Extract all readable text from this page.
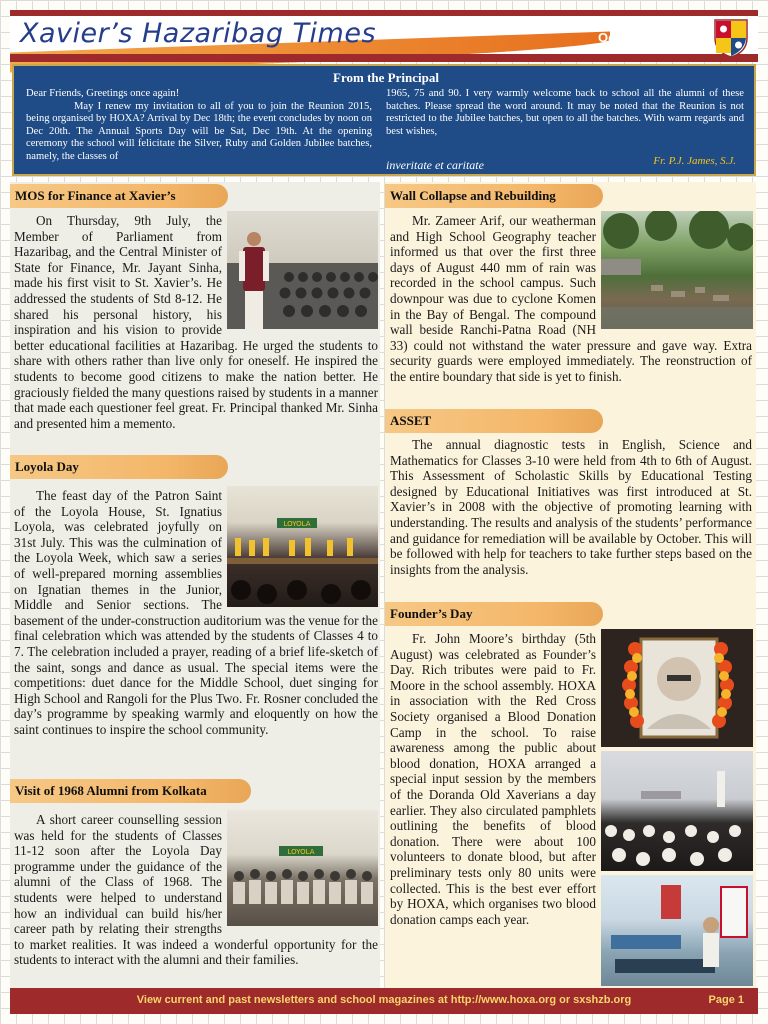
Xavier’s Hazaribag Times	October 2015
From the Principal

Dear Friends, Greetings once again!

May I renew my invitation to all of you to join the Reunion 2015, being organised by HOXA? Arrival by Dec 18th; the event concludes by noon on Dec 20th. The Annual Sports Day will be Sat, Dec 19th. At the opening ceremony the school will felicitate the Silver, Ruby and Golden Jubilee batches, namely, the classes of

1965, 75 and 90. I very warmly welcome back to school all the alumni of these batches. Please spread the word around. It may be noted that the Reunion is not restricted to the Jubilee batches, but open to all the batches. With warm regards and best wishes,

inveritate et caritate	Fr. P.J. James, S.J.
MOS for Finance at Xavier’s

On Thursday, 9th July, the Member of Parliament from Hazaribag, and the Central Minister of State for Finance, Mr. Jayant Sinha, made his first visit to St. Xavier’s. He addressed the students of Std 8-12. He shared his personal history, his inspiration and his vision to provide better educational facilities at Hazaribag. He urged the students to share with others rather than live only for oneself. He inspired the students to become good citizens to make the nation better. He graciously fielded the many questions raised by students in a manner that made each questioner feel great. Fr. Principal thanked Mr. Sinha and presented him a memento.

Loyola Day
LOYOLA

The feast day of the Patron Saint of the Loyola House, St. Ignatius Loyola, was celebrated joyfully on 31st July. This was the culmination of the Loyola Week, which saw a series of well-prepared morning assemblies on Ignatian themes in the Junior, Middle and Senior sections. The basement of the under-construction auditorium was the venue for the final celebration which was attended by the students of Classes 4 to 7. The celebration included a prayer, reading of a brief life-sketch of the saint, songs and dance as usual. The special items were the competitions: duet dance for the Middle School, duet singing for High School and Rangoli for the Plus Two. Fr. Rosner concluded the day’s programme by speaking warmly and eloquently on how the saint continues to inspire the school community.

Visit of 1968 Alumni from Kolkata
LOYOLA

A short career counselling session was held for the students of Classes 11-12 soon after the Loyola Day programme under the guidance of the alumni of the Class of 1968. The students were helped to understand how an individual can build his/her career path by relating their strengths to market realities. It was indeed a wonderful opportunity for the students to interact with the alumni and their families.

Wall Collapse and Rebuilding

Mr. Zameer Arif, our weatherman and High School Geography teacher informed us that over the first three days of August 440 mm of rain was recorded in the school campus. Such downpour was due to cyclone Komen in the Bay of Bengal. The compound wall beside Ranchi-Patna Road (NH 33) could not withstand the water pressure and gave way. Extra security guards were employed immediately. The reonstruction of the entire boundary that side is yet to finish.

ASSET

The annual diagnostic tests in English, Science and Mathematics for Classes 3-10 were held from 4th to 6th of August. This Assessment of Scholastic Skills by Educational Testing designed by Educational Initiatives was first introduced at St. Xavier’s in 2008 with the objective of promoting learning with understanding. The results and analysis of the students’ performance and guidance for remediation will be available by October. This will be followed with help for teachers to take further steps based on the insights from the analysis.

Founder’s Day

Fr. John Moore’s birthday (5th August) was celebrated as Founder’s Day. Rich tributes were paid to Fr. Moore in the school assembly. HOXA in association with the Red Cross Society organised a Blood Donation Camp in the school. To raise awareness among the public about blood donation, HOXA arranged a special input session by the members of the Doranda Old Xaverians a day earlier. They also circulated pamphlets outlining the benefits of blood donation. There were about 100 volunteers to donate blood, but after preliminary tests only 80 units were collected. This is the best ever effort by HOXA, which organises two blood donation camps each year.

View current and past newsletters and school magazines at http://www.hoxa.org or sxshzb.org	Page 1
